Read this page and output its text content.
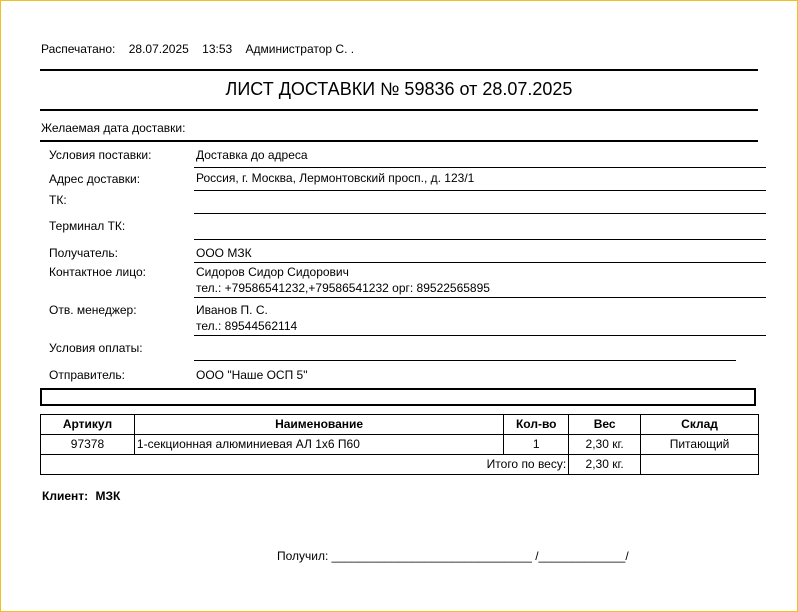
Распечатано: 28.07.2025 13:53 Администратор С. .
ЛИСТ ДОСТАВКИ № 59836 от 28.07.2025
Желаемая дата доставки:
Условия поставки:	Доставка до адреса
Адрес доставки:	Россия, г. Москва, Лермонтовский просп., д. 123/1
ТК:
Терминал ТК:
Получатель:	ООО МЗК
Контактное лицо:	Сидоров Сидор Сидорович
тел.: +79586541232,+79586541232 орг: 89522565895
Отв. менеджер:	Иванов П. С.
тел.: 89544562114
Условия оплаты:
Отправитель:	ООО "Наше ОСП 5"
Артикул	Наименование	Кол-во	Вес	Склад
97378	1-секционная алюминиевая АЛ 1х6 П60	1	2,30 кг.	Питающий
Итого по весу:			2,30 кг.	
Клиент: МЗК
Получил: ______________________________ /_____________/
